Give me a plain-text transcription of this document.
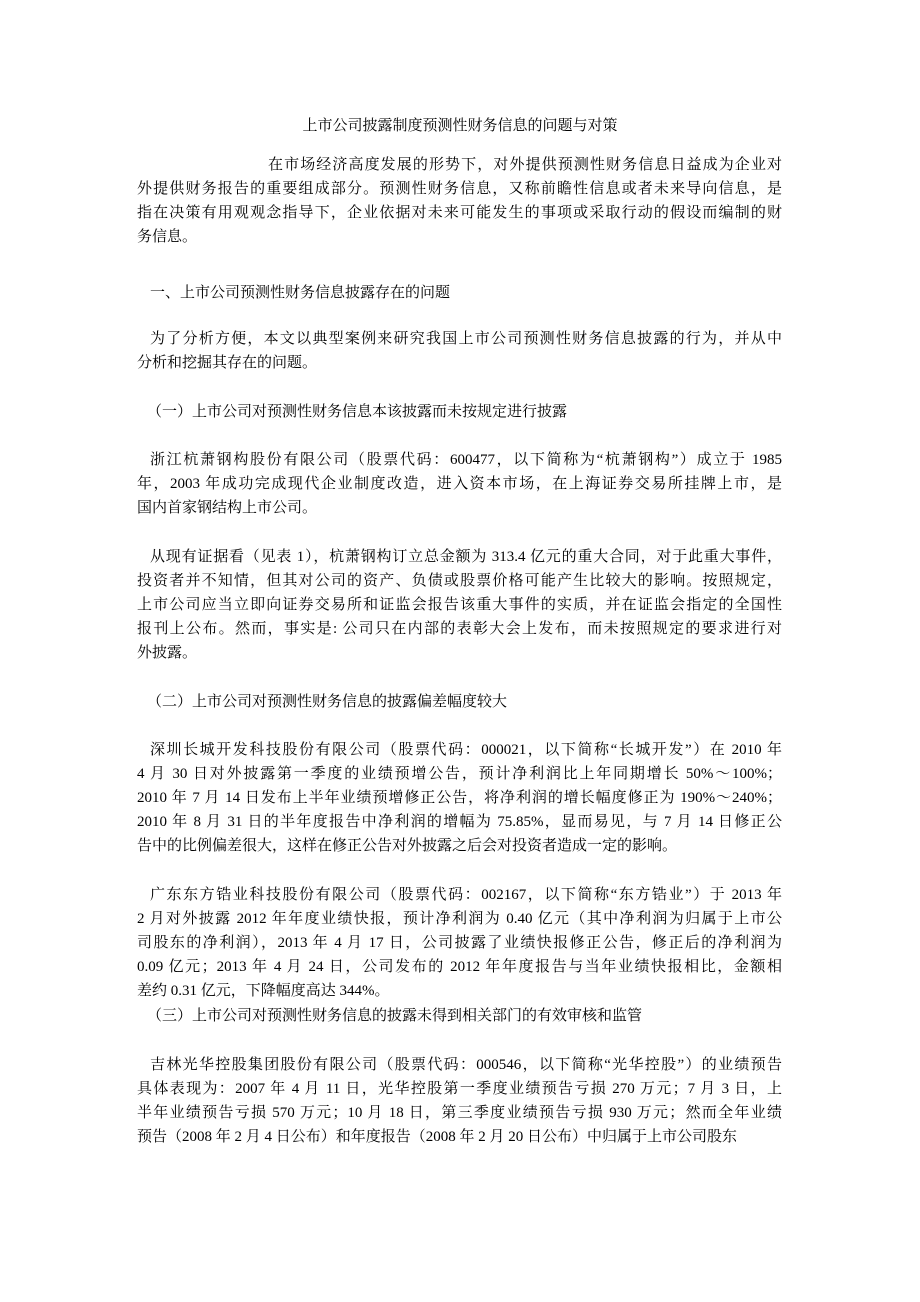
上市公司披露制度预测性财务信息的问题与对策
在市场经济高度发展的形势下，对外提供预测性财务信息日益成为企业对
外提供财务报告的重要组成部分。预测性财务信息，又称前瞻性信息或者未来导向信息，是
指在决策有用观观念指导下，企业依据对未来可能发生的事项或采取行动的假设而编制的财
务信息。
一、上市公司预测性财务信息披露存在的问题
为了分析方便，本文以典型案例来研究我国上市公司预测性财务信息披露的行为，并从中
分析和挖掘其存在的问题。
（一）上市公司对预测性财务信息本该披露而未按规定进行披露
浙江杭萧钢构股份有限公司（股票代码：600477，以下简称为“杭萧钢构”）成立于 1985
年，2003 年成功完成现代企业制度改造，进入资本市场，在上海证券交易所挂牌上市，是
国内首家钢结构上市公司。
从现有证据看（见表 1），杭萧钢构订立总金额为 313.4 亿元的重大合同，对于此重大事件，
投资者并不知情，但其对公司的资产、负债或股票价格可能产生比较大的影响。按照规定，
上市公司应当立即向证券交易所和证监会报告该重大事件的实质，并在证监会指定的全国性
报刊上公布。然而，事实是: 公司只在内部的表彰大会上发布，而未按照规定的要求进行对
外披露。
（二）上市公司对预测性财务信息的披露偏差幅度较大
深圳长城开发科技股份有限公司（股票代码：000021，以下简称“长城开发”）在 2010 年
4 月 30 日对外披露第一季度的业绩预增公告，预计净利润比上年同期增长 50%～100%；
2010 年 7 月 14 日发布上半年业绩预增修正公告，将净利润的增长幅度修正为 190%～240%；
2010 年 8 月 31 日的半年度报告中净利润的增幅为 75.85%，显而易见，与 7 月 14 日修正公
告中的比例偏差很大，这样在修正公告对外披露之后会对投资者造成一定的影响。
广东东方锆业科技股份有限公司（股票代码：002167，以下简称“东方锆业”）于 2013 年
2 月对外披露 2012 年年度业绩快报，预计净利润为 0.40 亿元（其中净利润为归属于上市公
司股东的净利润），2013 年 4 月 17 日，公司披露了业绩快报修正公告，修正后的净利润为
0.09 亿元；2013 年 4 月 24 日，公司发布的 2012 年年度报告与当年业绩快报相比，金额相
差约 0.31 亿元，下降幅度高达 344%。
（三）上市公司对预测性财务信息的披露未得到相关部门的有效审核和监管
吉林光华控股集团股份有限公司（股票代码：000546，以下简称“光华控股”）的业绩预告
具体表现为：2007 年 4 月 11 日，光华控股第一季度业绩预告亏损 270 万元；7 月 3 日，上
半年业绩预告亏损 570 万元；10 月 18 日，第三季度业绩预告亏损 930 万元；然而全年业绩
预告（2008 年 2 月 4 日公布）和年度报告（2008 年 2 月 20 日公布）中归属于上市公司股东
